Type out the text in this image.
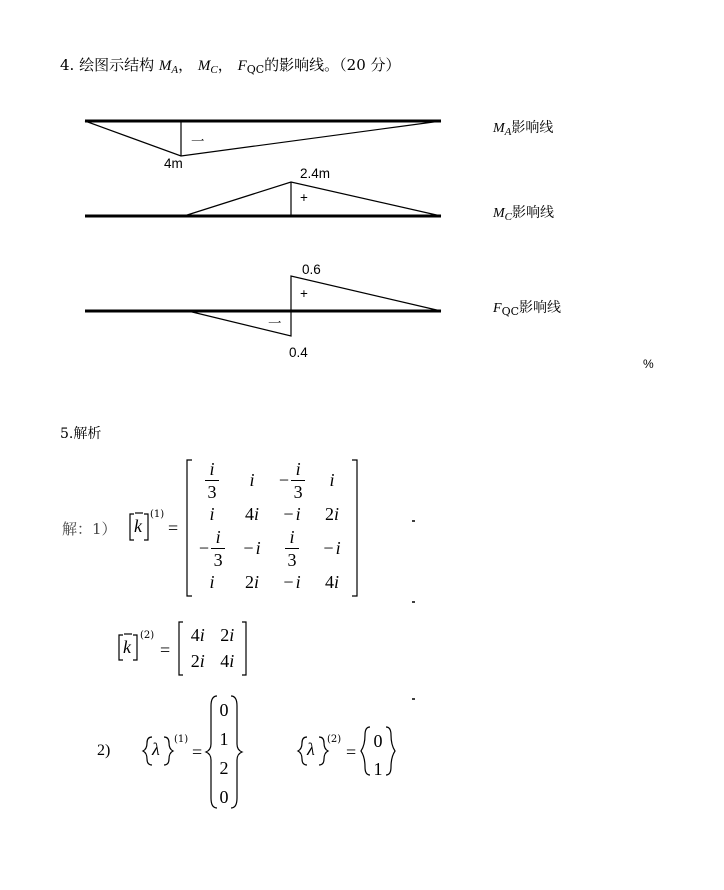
4. 绘图示结构 $M_A$， $M_C$， $F_{QC}$的影响线。（20 分）
一
4m
$M_A$影响线
2.4m
+
$M_C$影响线
0.6
+
一
0.4
$F_{QC}$影响线
%
5.解析
解：1） k
(1)
=
$\frac{i}{3}$ $i - \frac{i}{3}$ i
i 4i − i 2i
− $\frac{i}{3} - i \frac{i}{3} - i$
i 2i − i 4i
k
(2)
=
4i 2i
2i 4i
2) λ (1)
=
0
1
2
0
λ (2)
=
0
1
